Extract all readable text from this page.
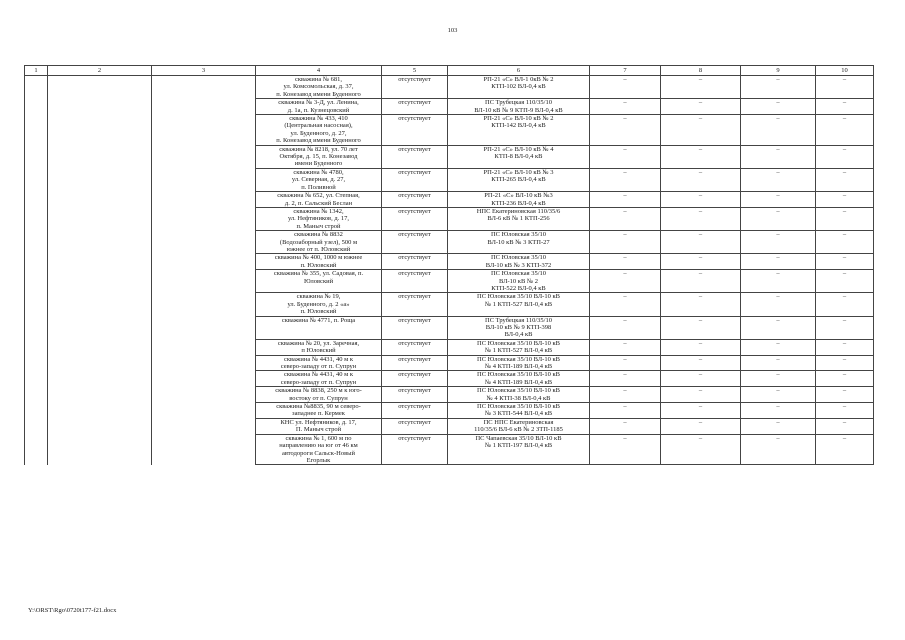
103
1	2	3	4	5	6	7	8	9	10
			скважина № 681,
ул. Комсомольская, д. 37,
п. Конезавод имени Буденного	отсутствует	РП-21 «С» ВЛ-1 0кВ № 2
КТП-102 ВЛ-0,4 кВ	–	–	–	–
			скважина № 3-Д, ул. Ленина,
д. 1а, п. Кузнецовский	отсутствует	ПС Трубецкая 110/35/10
ВЛ-10 кВ № 9 КТП-9 ВЛ-0,4 кВ	–	–	–	–
			скважина № 433, 410
(Центральная насосная),
ул. Буденного, д. 27,
п. Конезавод имени Буденного	отсутствует	РП-21 «С» ВЛ-10 кВ № 2
КТП-142 ВЛ-0,4 кВ	–	–	–	–
			скважина № 8218, ул. 70 лет
Октября, д. 15, п. Конезавод
имени Буденного	отсутствует	РП-21 «С» ВЛ-10 кВ № 4
КТП-8 ВЛ-0,4 кВ	–	–	–	–
			скважина № 4780,
ул. Северная, д. 27,
п. Поливной	отсутствует	РП-21 «С» ВЛ-10 кВ № 3
КТП-265 ВЛ-0,4 кВ	–	–	–	–
			скважина № 652, ул. Степная,
д. 2, п. Сальский Беслан	отсутствует	РП-21 «С» ВЛ-10 кВ №3
КТП-236 ВЛ-0,4 кВ	–	–	–	–
			скважина № 1342,
ул. Нефтяников, д. 17,
п. Маныч строй	отсутствует	НПС Екатериновская 110/35/6
ВЛ-6 кВ № 1 КТП-256	–	–	–	–
			скважина № 8832
(Водозаборный узел), 500 м
южнее от п. Юловский	отсутствует	ПС Юловская 35/10
ВЛ-10 кВ № 3 КТП-27	–	–	–	–
			скважина № 400, 1000 м южнее
п. Юловский	отсутствует	ПС Юловская 35/10
ВЛ-10 кВ № 3 КТП-372	–	–	–	–
			скважина № 355, ул. Садовая, п.
Юловский	отсутствует	ПС Юловская 35/10
ВЛ-10 кВ № 2
КТП-522 ВЛ-0,4 кВ	–	–	–	–
			скважина № 19,
ул. Буденного, д. 2 «а»
п. Юловский	отсутствует	ПС Юловская 35/10 ВЛ-10 кВ
№ 1 КТП-527 ВЛ-0,4 кВ	–	–	–	–
			скважина № 4771, п. Роща	отсутствует	ПС Трубецкая 110/35/10
ВЛ-10 кВ № 9 КТП-398
ВЛ-0,4 кВ	–	–	–	–
			скважина № 20, ул. Заречная,
п Юловский	отсутствует	ПС Юловская 35/10 ВЛ-10 кВ
№ 1 КТП-527 ВЛ-0,4 кВ	–	–	–	–
			скважина № 4431, 40 м к
северо-западу от п. Супрун	отсутствует	ПС Юловская 35/10 ВЛ-10 кВ
№ 4 КТП-189 ВЛ-0,4 кВ	–	–	–	–
			скважина № 4431, 40 м к
северо-западу от п. Супрун	отсутствует	ПС Юловская 35/10 ВЛ-10 кВ
№ 4 КТП-189 ВЛ-0,4 кВ	–	–	–	–
			скважина № 8838, 250 м к юго-
востоку от п. Супрун	отсутствует	ПС Юловская 35/10 ВЛ-10 кВ
№ 4 КТП-38 ВЛ-0,4 кВ	–	–	–	–
			скважина №8835, 90 м северо-
западнее п. Кермек	отсутствует	ПС Юловская 35/10 ВЛ-10 кВ
№ 3 КТП-544 ВЛ-0,4 кВ	–	–	–	–
			КНС ул. Нефтяников, д. 17,
П. Маныч строй	отсутствует	ПС НПС Екатериновская
110/35/6 ВЛ-6 кВ № 2 ЗТП-1185	–	–	–	–
			скважина № 1, 600 м по
направлению на юг от 46 км
автодороги Сальск-Новый
Егорлык	отсутствует	ПС Чапаевская 35/10 ВЛ-10 кВ
№ 1 КТП-197 ВЛ-0,4 кВ	–	–	–	–
Y:\ORST\Rgo\0720t177-f21.docx
